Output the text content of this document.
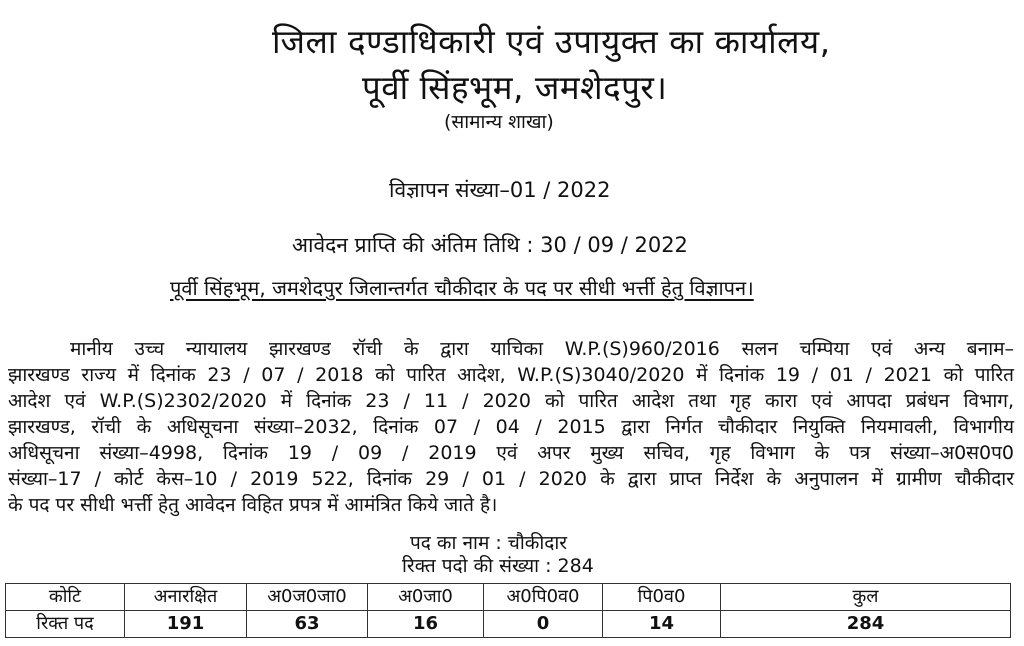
जिला दण्डाधिकारी एवं उपायुक्त का कार्यालय,
पूर्वी सिंहभूम, जमशेदपुर।
(सामान्य शाखा)
विज्ञापन संख्या–01 / 2022
आवेदन प्राप्ति की अंतिम तिथि : 30 / 09 / 2022
पूर्वी सिंहभूम, जमशेदपुर जिलान्तर्गत चौकीदार के पद पर सीधी भर्त्ती हेतु विज्ञापन।
मानीय उच्च न्यायालय झारखण्ड रॉची के द्वारा याचिका W.P.(S)960/2016 सलन चम्पिया एवं अन्य बनाम–
झारखण्ड राज्य में दिनांक 23 / 07 / 2018 को पारित आदेश, W.P.(S)3040/2020 में दिनांक 19 / 01 / 2021 को पारित
आदेश एवं W.P.(S)2302/2020 में दिनांक 23 / 11 / 2020 को पारित आदेश तथा गृह कारा एवं आपदा प्रबंधन विभाग,
झारखण्ड, रॉची के अधिसूचना संख्या–2032, दिनांक 07 / 04 / 2015 द्वारा निर्गत चौकीदार नियुक्ति नियमावली, विभागीय
अधिसूचना संख्या–4998, दिनांक 19 / 09 / 2019 एवं अपर मुख्य सचिव, गृह विभाग के पत्र संख्या–अ0स0प0
संख्या–17 / कोर्ट केस–10 / 2019 522, दिनांक 29 / 01 / 2020 के द्वारा प्राप्त निर्देश के अनुपालन में ग्रामीण चौकीदार
के पद पर सीधी भर्त्ती हेतु आवेदन विहित प्रपत्र में आमंत्रित किये जाते है।
पद का नाम : चौकीदार
रिक्त पदो की संख्या : 284
कोटि	अनारक्षित	अ0ज0जा0	अ0जा0	अ0पि0व0	पि0व0	कुल
रिक्त पद	191	63	16	0	14	284
